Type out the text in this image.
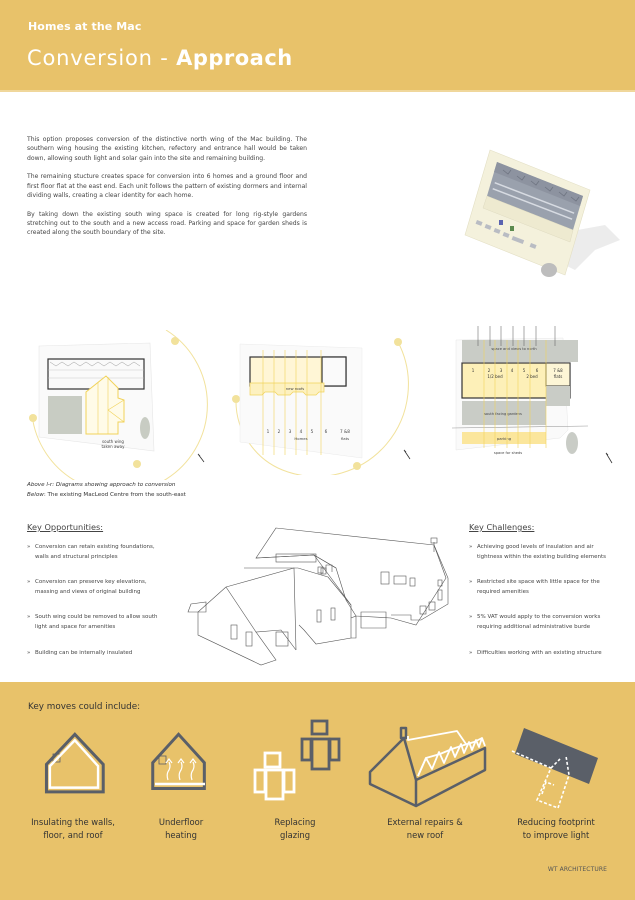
Homes at the Mac
Conversion - Approach

This option proposes conversion of the distinctive north wing of the Mac building. The southern wing housing the existing kitchen, refectory and entrance hall would be taken down, allowing south light and solar gain into the site and remaining building.

The remaining stucture creates space for conversion into 6 homes and a ground floor and first floor flat at the east end. Each unit follows the pattern of existing dormers and internal dividing walls, creating a clear identity for each home.

By taking down the existing south wing space is created for long rig-style gardens stretching out to the south and a new access road. Parking and space for garden sheds is created along the south boundary of the site.

south wing
taken away
new roofs
1 2 3 4 5	6	7 &8
Homes	flats
space and views to north
south facing gardens
parking
space for sheds
1	2 3 4 5	6	7 &8
1/2 bed	2 bed	flats
Above l-r: Diagrams showing approach to conversion
Below: The existing MacLeod Centre from the south-east
Key Opportunities:
» Conversion can retain existing foundations, walls and structural principles
» Conversion can preserve key elevations, massing and views of original building
» South wing could be removed to allow south light and space for amenities
» Building can be internally insulated
Key Challenges:
» Achieving good levels of insulation and air tightness within the existing building elements
» Restricted site space with little space for the required amenities
» 5% VAT would apply to the conversion works requiring additional administrative burde
» Difficulties working with an existing structure
Key moves could include:
Insulating the walls,
floor, and roof
Underfloor
heating
Replacing
glazing
External repairs &
new roof
Reducing footprint
to improve light
WT ARCHITECTURE
